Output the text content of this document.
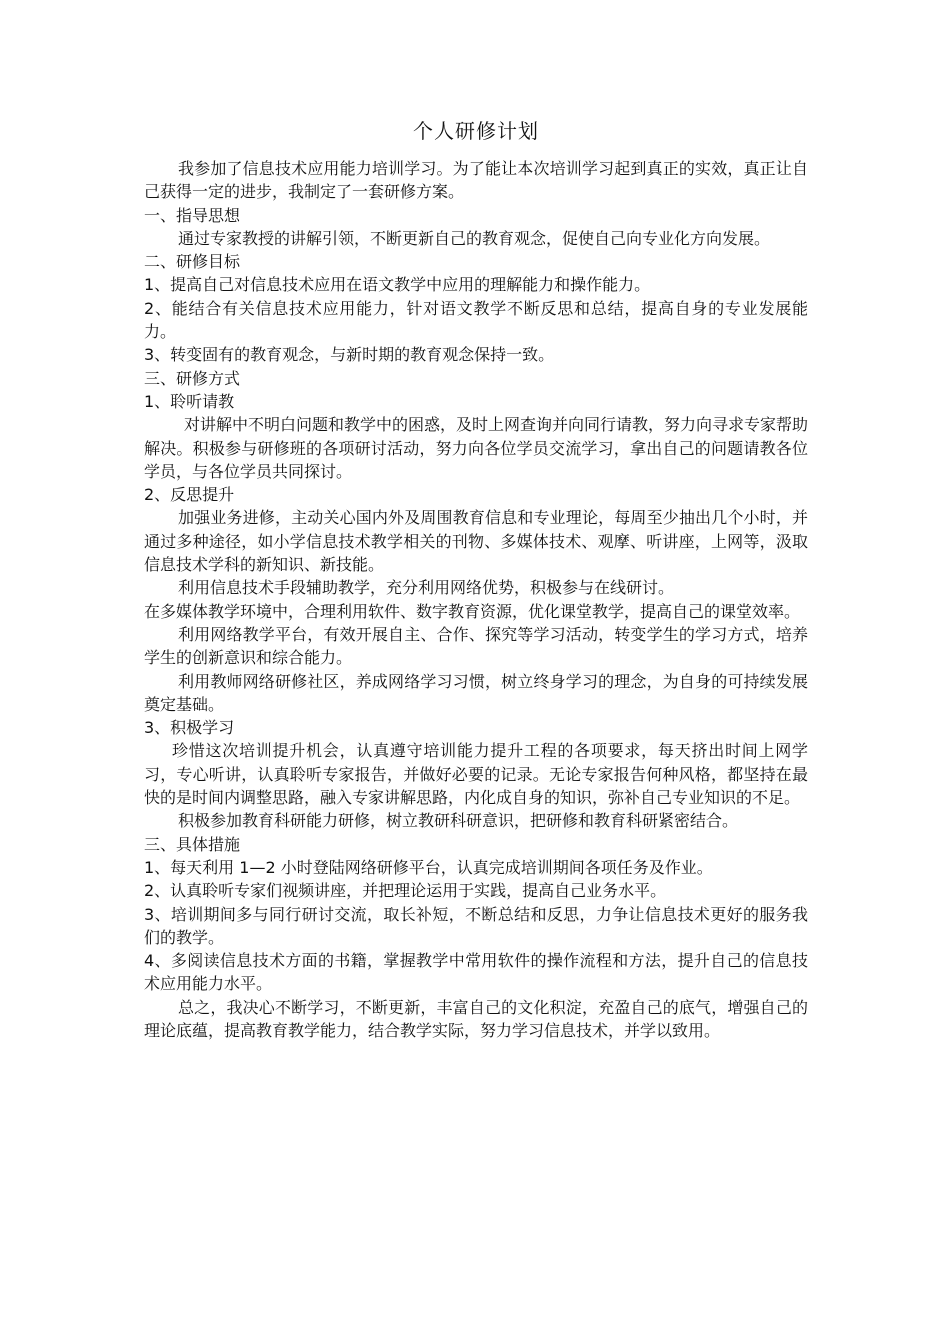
个人研修计划

我参加了信息技术应用能力培训学习。为了能让本次培训学习起到真正的实效，真正让自己获得一定的进步，我制定了一套研修方案。

一、指导思想

通过专家教授的讲解引领，不断更新自己的教育观念，促使自己向专业化方向发展。

二、研修目标

1、提高自己对信息技术应用在语文教学中应用的理解能力和操作能力。

2、能结合有关信息技术应用能力，针对语文教学不断反思和总结，提高自身的专业发展能力。

3、转变固有的教育观念，与新时期的教育观念保持一致。

三、研修方式

1、聆听请教

对讲解中不明白问题和教学中的困惑，及时上网查询并向同行请教，努力向寻求专家帮助解决。积极参与研修班的各项研讨活动，努力向各位学员交流学习，拿出自己的问题请教各位学员，与各位学员共同探讨。

2、反思提升

加强业务进修，主动关心国内外及周围教育信息和专业理论，每周至少抽出几个小时，并通过多种途径，如小学信息技术教学相关的刊物、多媒体技术、观摩、听讲座，上网等，汲取信息技术学科的新知识、新技能。

利用信息技术手段辅助教学，充分利用网络优势，积极参与在线研讨。

在多媒体教学环境中，合理利用软件、数字教育资源，优化课堂教学，提高自己的课堂效率。

利用网络教学平台，有效开展自主、合作、探究等学习活动，转变学生的学习方式，培养学生的创新意识和综合能力。

利用教师网络研修社区，养成网络学习习惯，树立终身学习的理念，为自身的可持续发展奠定基础。

3、积极学习

珍惜这次培训提升机会，认真遵守培训能力提升工程的各项要求，每天挤出时间上网学习，专心听讲，认真聆听专家报告，并做好必要的记录。无论专家报告何种风格，都坚持在最快的是时间内调整思路，融入专家讲解思路，内化成自身的知识，弥补自己专业知识的不足。

积极参加教育科研能力研修，树立教研科研意识，把研修和教育科研紧密结合。

三、具体措施

1、每天利用 1—2 小时登陆网络研修平台，认真完成培训期间各项任务及作业。

2、认真聆听专家们视频讲座，并把理论运用于实践，提高自己业务水平。

3、培训期间多与同行研讨交流，取长补短，不断总结和反思，力争让信息技术更好的服务我们的教学。

4、多阅读信息技术方面的书籍，掌握教学中常用软件的操作流程和方法，提升自己的信息技术应用能力水平。

总之，我决心不断学习，不断更新，丰富自己的文化积淀，充盈自己的底气，增强自己的理论底蕴，提高教育教学能力，结合教学实际，努力学习信息技术，并学以致用。
